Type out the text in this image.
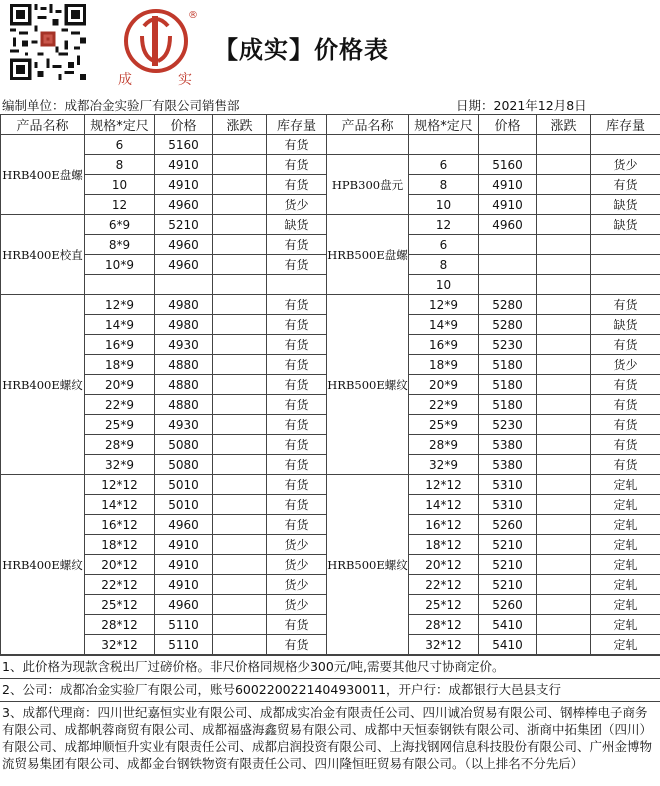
®
成	实
【成实】价格表
编制单位：成都冶金实验厂有限公司销售部	日期：2021年12月8日
产品名称	规格*定尺	价格	涨跌	库存量	产品名称	规格*定尺	价格	涨跌	库存量
HRB400E盘螺	6	5160		有货					
	8	4910		有货	HPB300盘元	6	5160		货少
	10	4910		有货		8	4910		有货
	12	4960		货少		10	4910		缺货
HRB400E校直	6*9	5210		缺货	HRB500E盘螺	12	4960		缺货
	8*9	4960		有货		6			
	10*9	4960		有货		8			
						10			
HRB400E螺纹	12*9	4980		有货	HRB500E螺纹	12*9	5280		有货
	14*9	4980		有货		14*9	5280		缺货
	16*9	4930		有货		16*9	5230		有货
	18*9	4880		有货		18*9	5180		货少
	20*9	4880		有货		20*9	5180		有货
	22*9	4880		有货		22*9	5180		有货
	25*9	4930		有货		25*9	5230		有货
	28*9	5080		有货		28*9	5380		有货
	32*9	5080		有货		32*9	5380		有货
HRB400E螺纹	12*12	5010		有货	HRB500E螺纹	12*12	5310		定轧
	14*12	5010		有货		14*12	5310		定轧
	16*12	4960		有货		16*12	5260		定轧
	18*12	4910		货少		18*12	5210		定轧
	20*12	4910		货少		20*12	5210		定轧
	22*12	4910		货少		22*12	5210		定轧
	25*12	4960		货少		25*12	5260		定轧
	28*12	5110		有货		28*12	5410		定轧
	32*12	5110		有货		32*12	5410		定轧
1、此价格为现款含税出厂过磅价格。非尺价格同规格少300元/吨,需要其他尺寸协商定价。
2、公司：成都冶金实验厂有限公司，账号6002200221404930011，开户行：成都银行大邑县支行
3、成都代理商：四川世纪嘉恒实业有限公司、成都成实冶金有限责任公司、四川诚冶贸易有限公司、钢棒棒电子商务有限公司、成都帆蓉商贸有限公司、成都福盛海鑫贸易有限公司、成都中天恒泰钢铁有限公司、浙商中拓集团（四川）有限公司、成都坤顺恒升实业有限责任公司、成都启润投资有限公司、上海找钢网信息科技股份有限公司、广州金博物流贸易集团有限公司、成都金台钢铁物资有限责任公司、四川隆恒旺贸易有限公司。（以上排名不分先后）
